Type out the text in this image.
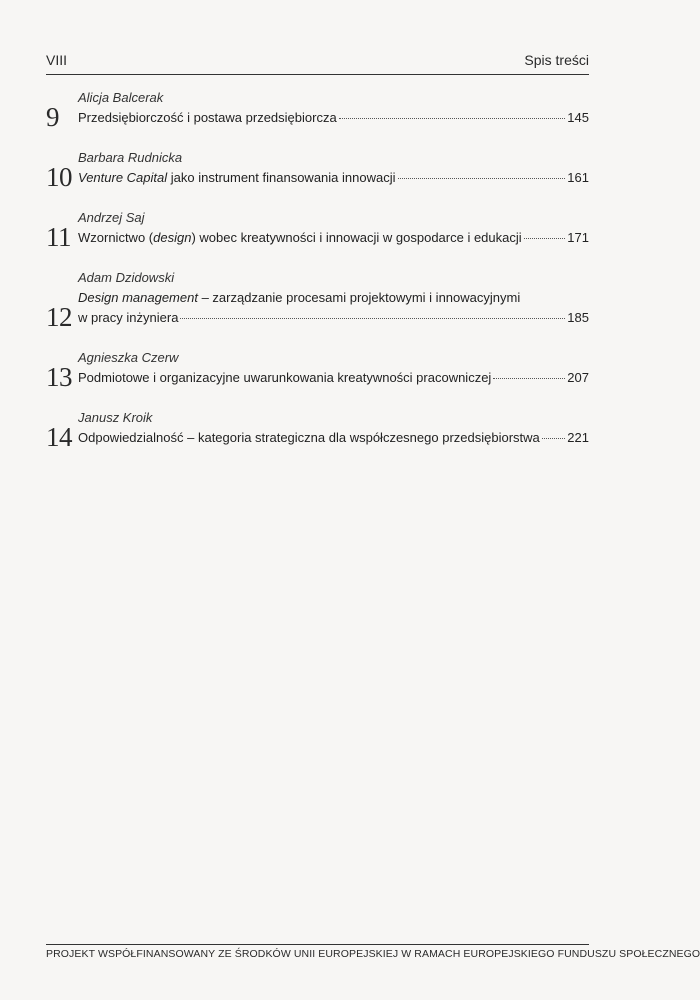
VIII	Spis treści
9
Alicja Balcerak
Przedsiębiorczość i postawa przedsiębiorcza	145
10
Barbara Rudnicka
Venture Capital jako instrument finansowania innowacji	161
11
Andrzej Saj
Wzornictwo (design) wobec kreatywności i innowacji w gospodarce i edukacji	171
12
Adam Dzidowski
Design management – zarządzanie procesami projektowymi i innowacyjnymi
w pracy inżyniera	185
13
Agnieszka Czerw
Podmiotowe i organizacyjne uwarunkowania kreatywności pracowniczej	207
14
Janusz Kroik
Odpowiedzialność – kategoria strategiczna dla współczesnego przedsiębiorstwa 221
PROJEKT WSPÓŁFINANSOWANY ZE ŚRODKÓW UNII EUROPEJSKIEJ W RAMACH EUROPEJSKIEGO FUNDUSZU SPOŁECZNEGO
